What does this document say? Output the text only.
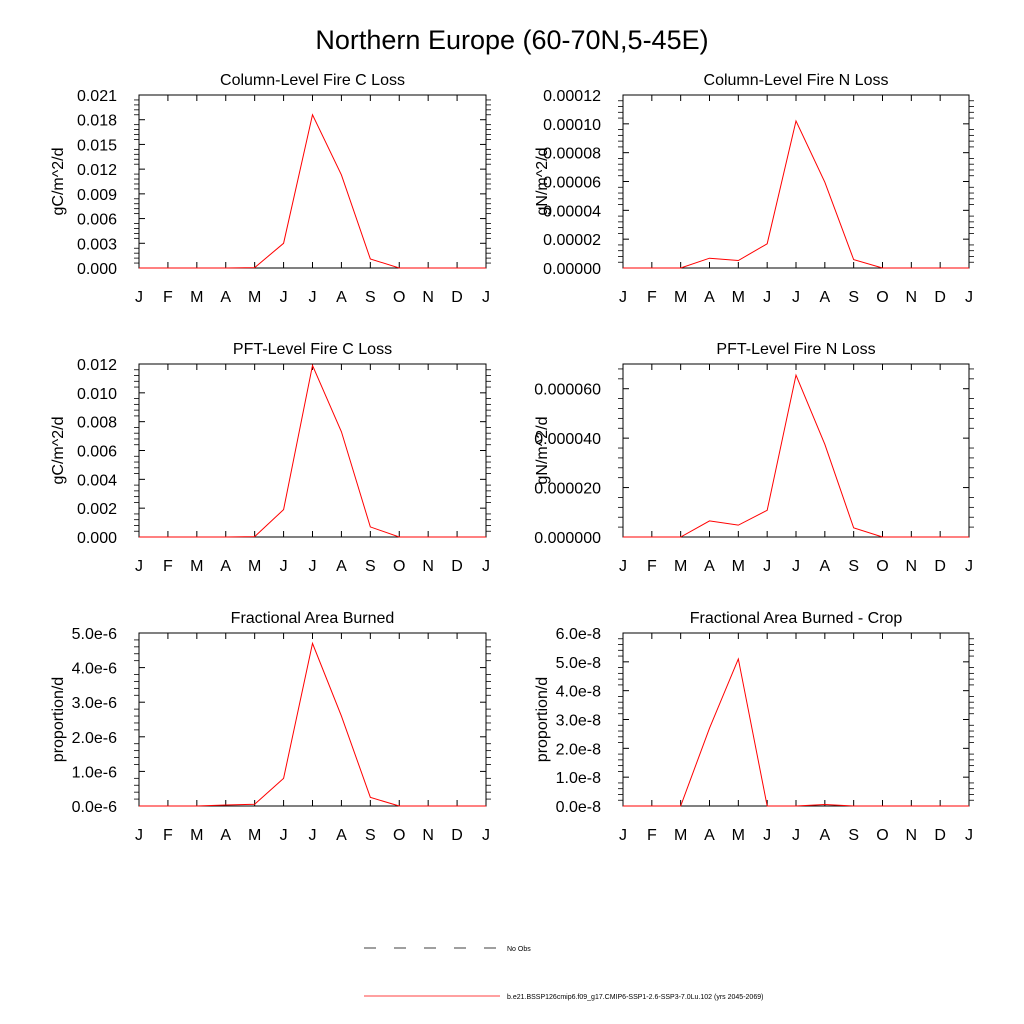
Northern Europe (60-70N,5-45E)
Column-Level Fire C Loss
gC/m^2/d
J F M A M J J A S O N D J
0.000
0.003
0.006
0.009
0.012
0.015
0.018
0.021
Column-Level Fire N Loss
gN/m^2/d
J F M A M J J A S O N D J
0.00000
0.00002
0.00004
0.00006
0.00008
0.00010
0.00012
PFT-Level Fire C Loss
gC/m^2/d
J F M A M J J A S O N D J
0.000
0.002
0.004
0.006
0.008
0.010
0.012
PFT-Level Fire N Loss
gN/m^2/d
J F M A M J J A S O N D J
0.000000
0.000020
0.000040
0.000060
Fractional Area Burned
proportion/d
J F M A M J J A S O N D J
0.0e-6
1.0e-6
2.0e-6
3.0e-6
4.0e-6
5.0e-6
Fractional Area Burned - Crop
proportion/d
J F M A M J J A S O N D J
0.0e-8
1.0e-8
2.0e-8
3.0e-8
4.0e-8
5.0e-8
6.0e-8
No Obs
b.e21.BSSP126cmip6.f09_g17.CMIP6-SSP1-2.6-SSP3-7.0Lu.102 (yrs 2045-2069)
